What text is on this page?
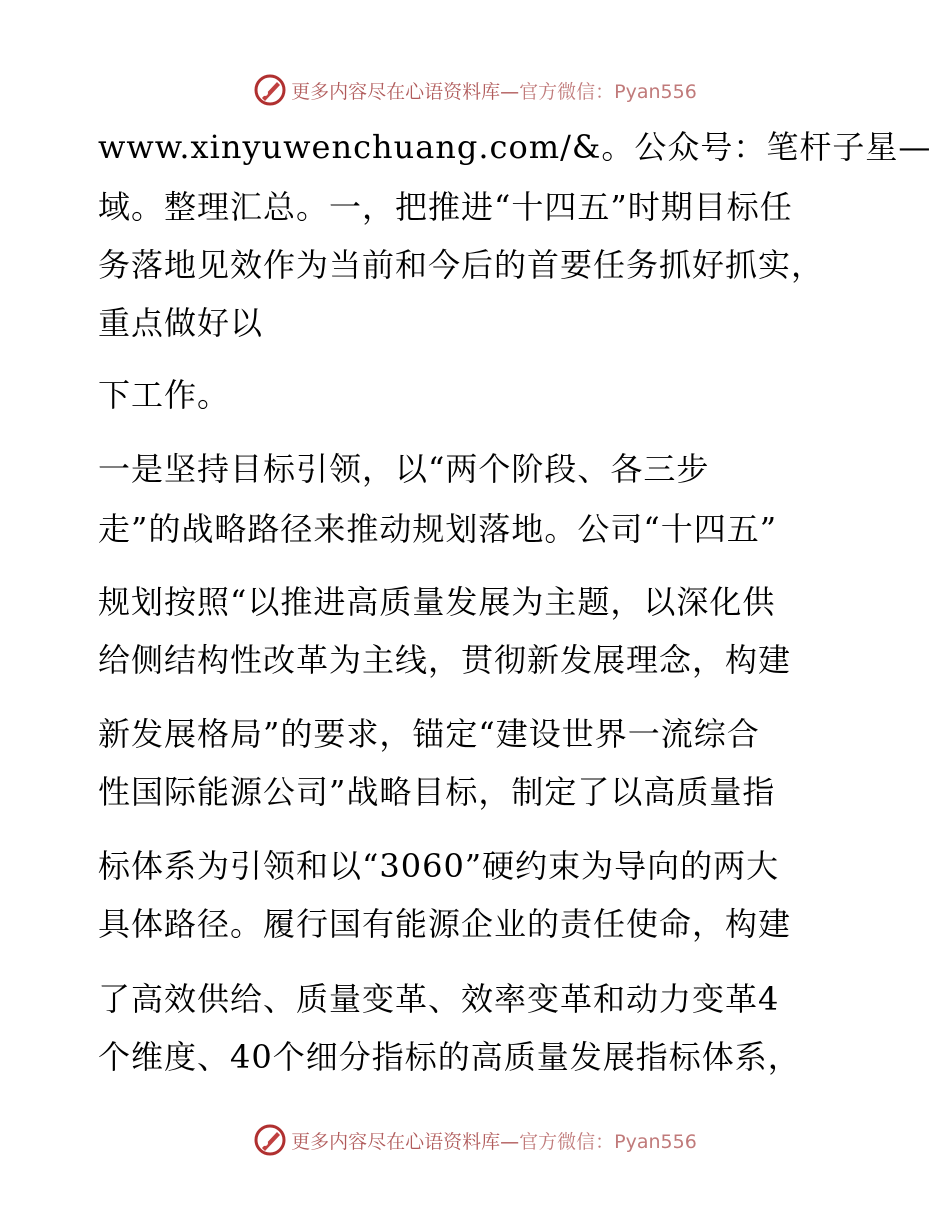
更多内容尽在心语资料库—官方微信：Pyan556
www.xinyuwenchuang.com/&。公众号：笔杆子星—
域。整理汇总。一，把推进“十四五”时期目标任
务落地见效作为当前和今后的首要任务抓好抓实，
重点做好以
下工作。
一是坚持目标引领，以“两个阶段、各三步
走”的战略路径来推动规划落地。公司“十四五”
规划按照“以推进高质量发展为主题，以深化供
给侧结构性改革为主线，贯彻新发展理念，构建
新发展格局”的要求，锚定“建设世界一流综合
性国际能源公司”战略目标，制定了以高质量指
标体系为引领和以“3060”硬约束为导向的两大
具体路径。履行国有能源企业的责任使命，构建
了高效供给、质量变革、效率变革和动力变革4
个维度、40个细分指标的高质量发展指标体系，
更多内容尽在心语资料库—官方微信：Pyan556
